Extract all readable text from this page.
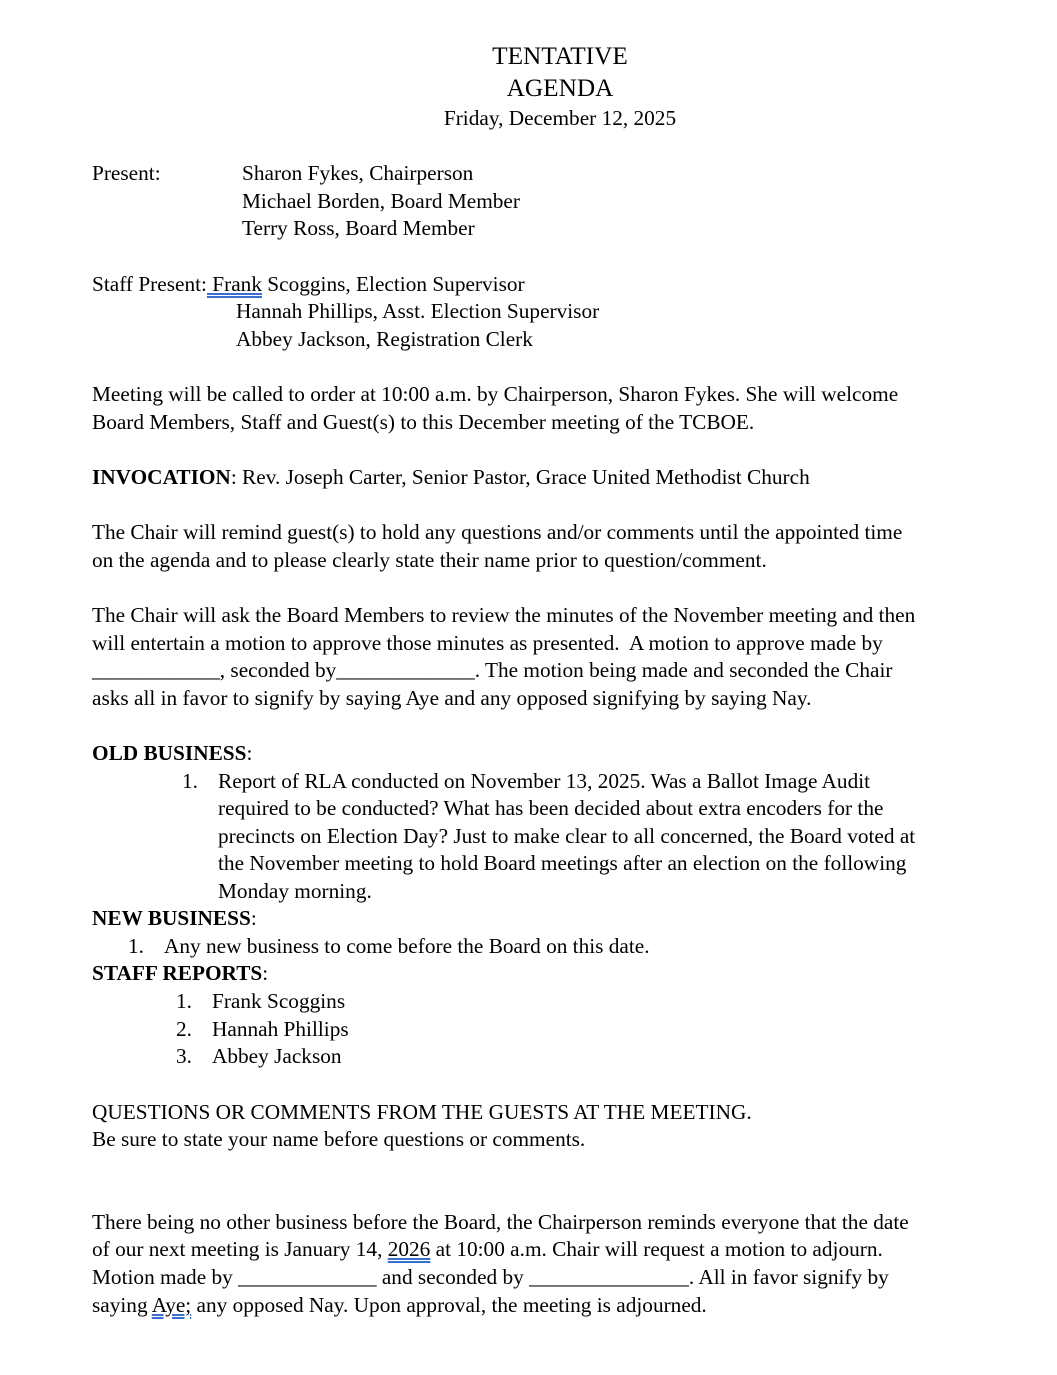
TENTATIVE
AGENDA
Friday, December 12, 2025
Present:	Sharon Fykes, Chairperson
Michael Borden, Board Member
Terry Ross, Board Member
Staff Present: Frank Scoggins, Election Supervisor
Hannah Phillips, Asst. Election Supervisor
Abbey Jackson, Registration Clerk
Meeting will be called to order at 10:00 a.m. by Chairperson, Sharon Fykes. She will welcome
Board Members, Staff and Guest(s) to this December meeting of the TCBOE.
INVOCATION: Rev. Joseph Carter, Senior Pastor, Grace United Methodist Church
The Chair will remind guest(s) to hold any questions and/or comments until the appointed time
on the agenda and to please clearly state their name prior to question/comment.
The Chair will ask the Board Members to review the minutes of the November meeting and then
will entertain a motion to approve those minutes as presented.  A motion to approve made by
____________, seconded by_____________. The motion being made and seconded the Chair
asks all in favor to signify by saying Aye and any opposed signifying by saying Nay.
OLD BUSINESS:
1. Report of RLA conducted on November 13, 2025. Was a Ballot Image Audit
required to be conducted? What has been decided about extra encoders for the
precincts on Election Day? Just to make clear to all concerned, the Board voted at
the November meeting to hold Board meetings after an election on the following
Monday morning.
NEW BUSINESS:
1. Any new business to come before the Board on this date.
STAFF REPORTS:
1. Frank Scoggins
2. Hannah Phillips
3. Abbey Jackson
QUESTIONS OR COMMENTS FROM THE GUESTS AT THE MEETING.
Be sure to state your name before questions or comments.
There being no other business before the Board, the Chairperson reminds everyone that the date
of our next meeting is January 14, 2026 at 10:00 a.m. Chair will request a motion to adjourn.
Motion made by _____________ and seconded by _______________. All in favor signify by
saying Aye; any opposed Nay. Upon approval, the meeting is adjourned.
